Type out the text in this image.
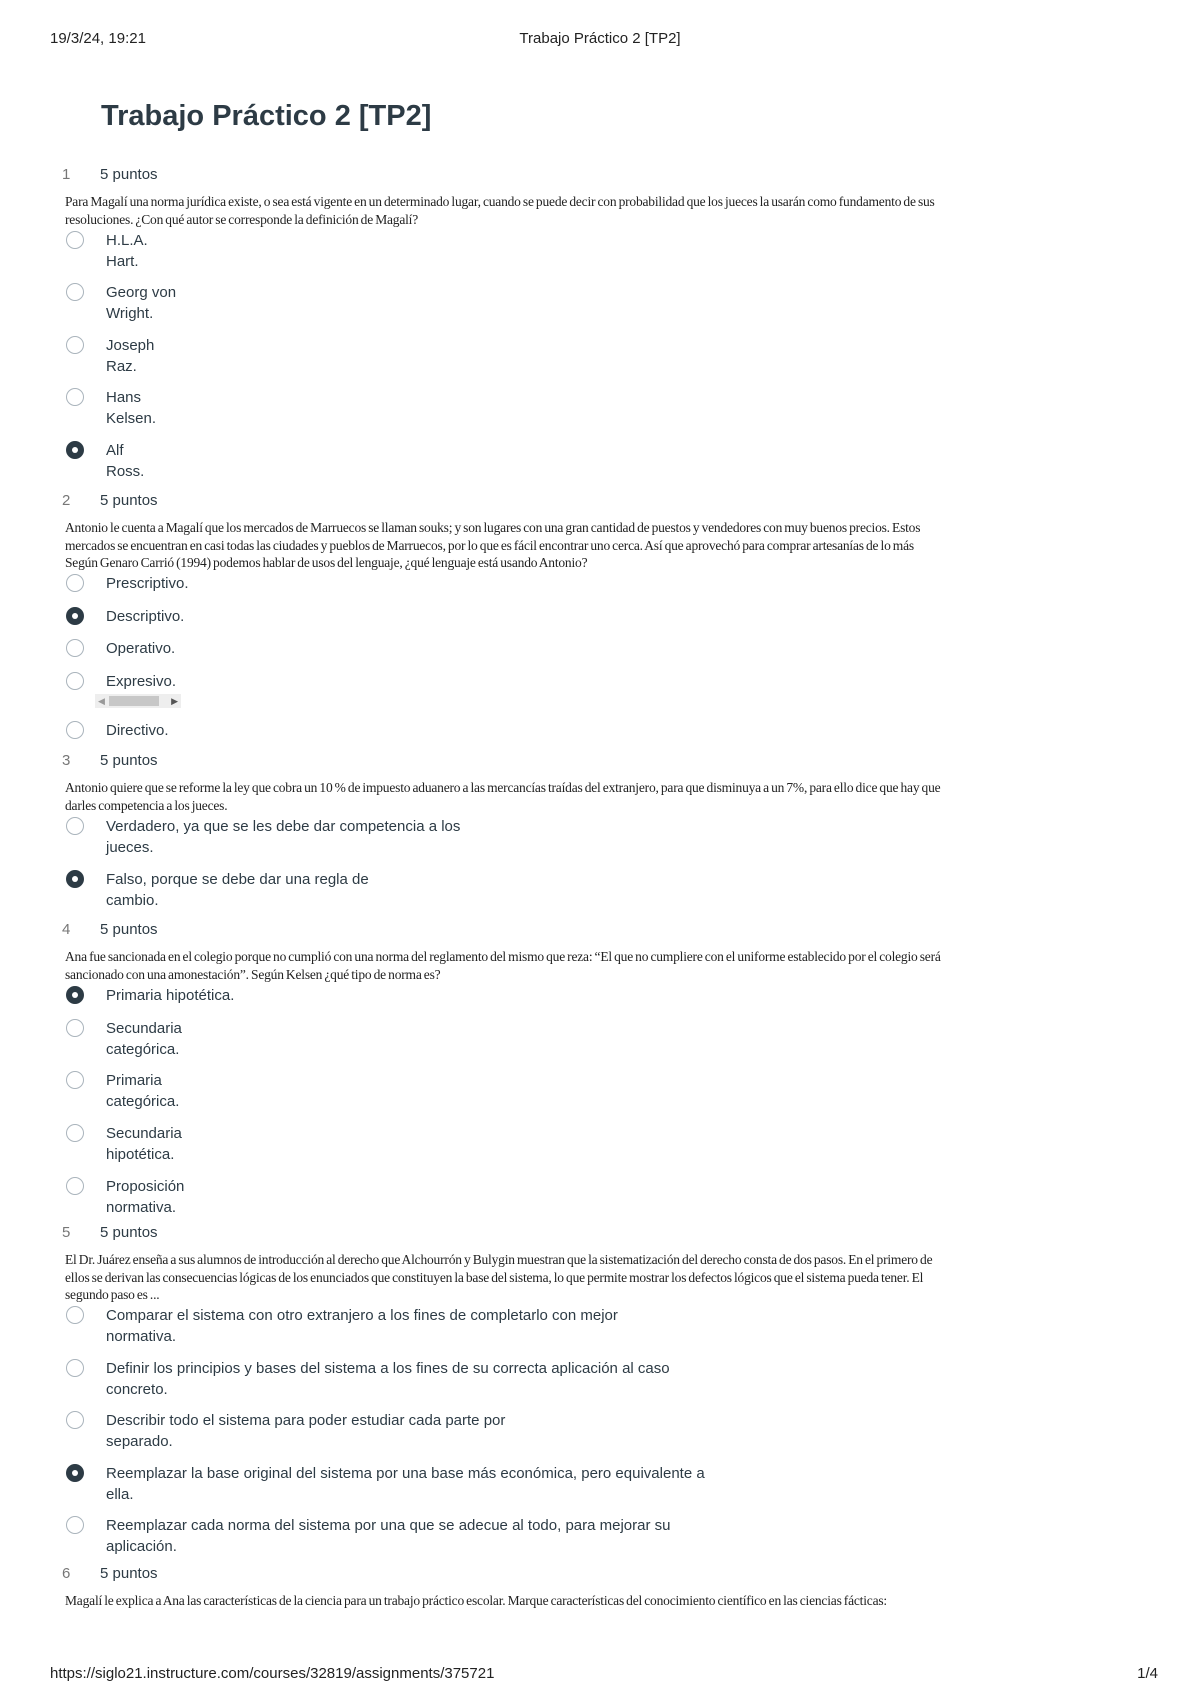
19/3/24, 19:21	Trabajo Práctico 2 [TP2]
Trabajo Práctico 2 [TP2]
1 5 puntos
Para Magalí una norma jurídica existe, o sea está vigente en un determinado lugar, cuando se puede decir con probabilidad que los jueces la usarán como fundamento de sus
resoluciones. ¿Con qué autor se corresponde la definición de Magalí?
H.L.A.
Hart.
Georg von
Wright.
Joseph
Raz.
Hans
Kelsen.
Alf
Ross.
2 5 puntos
Antonio le cuenta a Magalí que los mercados de Marruecos se llaman souks; y son lugares con una gran cantidad de puestos y vendedores con muy buenos precios. Estos
mercados se encuentran en casi todas las ciudades y pueblos de Marruecos, por lo que es fácil encontrar uno cerca. Así que aprovechó para comprar artesanías de lo más
Según Genaro Carrió (1994) podemos hablar de usos del lenguaje, ¿qué lenguaje está usando Antonio?
Prescriptivo.
Descriptivo.
Operativo.
Expresivo.
◀	▶
Directivo.
3 5 puntos
Antonio quiere que se reforme la ley que cobra un 10 % de impuesto aduanero a las mercancías traídas del extranjero, para que disminuya a un 7%, para ello dice que hay que
darles competencia a los jueces.
Verdadero, ya que se les debe dar competencia a los
jueces.
Falso, porque se debe dar una regla de
cambio.
4 5 puntos
Ana fue sancionada en el colegio porque no cumplió con una norma del reglamento del mismo que reza: “El que no cumpliere con el uniforme establecido por el colegio será
sancionado con una amonestación”. Según Kelsen ¿qué tipo de norma es?
Primaria hipotética.
Secundaria
categórica.
Primaria
categórica.
Secundaria
hipotética.
Proposición
normativa.
5 5 puntos
El Dr. Juárez enseña a sus alumnos de introducción al derecho que Alchourrón y Bulygin muestran que la sistematización del derecho consta de dos pasos. En el primero de
ellos se derivan las consecuencias lógicas de los enunciados que constituyen la base del sistema, lo que permite mostrar los defectos lógicos que el sistema pueda tener. El
segundo paso es ...
Comparar el sistema con otro extranjero a los fines de completarlo con mejor
normativa.
Definir los principios y bases del sistema a los fines de su correcta aplicación al caso
concreto.
Describir todo el sistema para poder estudiar cada parte por
separado.
Reemplazar la base original del sistema por una base más económica, pero equivalente a
ella.
Reemplazar cada norma del sistema por una que se adecue al todo, para mejorar su
aplicación.
6 5 puntos
Magalí le explica a Ana las características de la ciencia para un trabajo práctico escolar. Marque características del conocimiento científico en las ciencias fácticas:
https://siglo21.instructure.com/courses/32819/assignments/375721	1/4
